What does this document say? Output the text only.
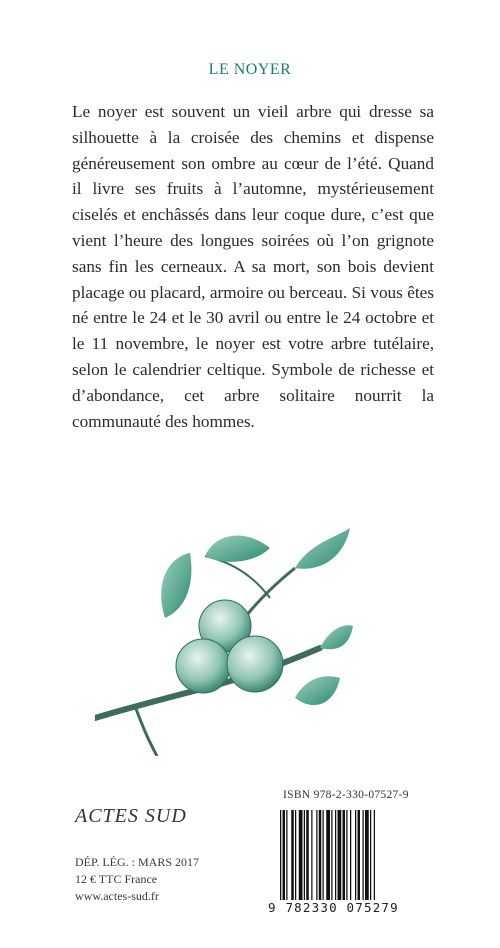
LE NOYER
Le noyer est souvent un vieil arbre qui dresse sa silhouette à la croisée des chemins et dispense généreusement son ombre au cœur de l’été. Quand il livre ses fruits à l’automne, mystérieusement ciselés et enchâssés dans leur coque dure, c’est que vient l’heure des longues soirées où l’on grignote sans fin les cerneaux. A sa mort, son bois devient placage ou placard, armoire ou berceau. Si vous êtes né entre le 24 et le 30 avril ou entre le 24 octobre et le 11 novembre, le noyer est votre arbre tutélaire, selon le calendrier celtique. Symbole de richesse et d’abondance, cet arbre solitaire nourrit la communauté des hommes.
ACTES SUD
DÉP. LÉG. : MARS 2017
12 € TTC France
www.actes-sud.fr
ISBN 978-2-330-07527-9
9 782330 075279
